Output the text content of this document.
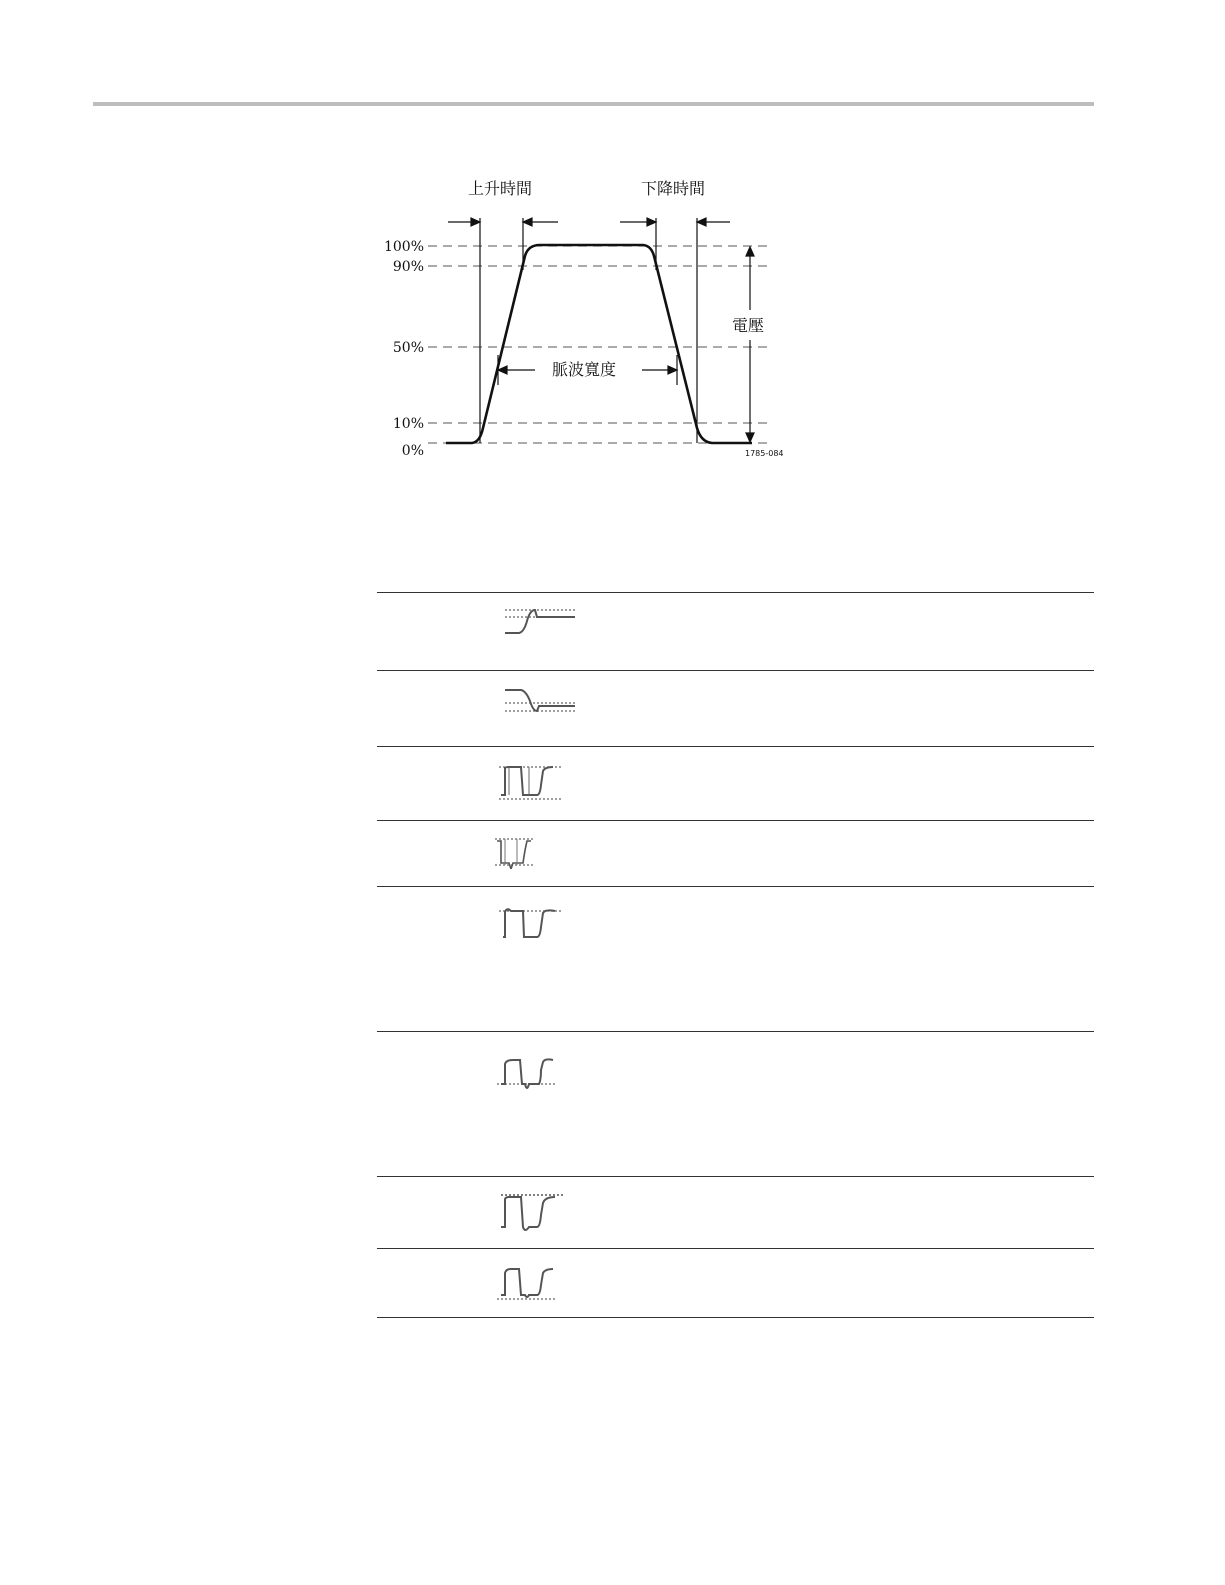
100%
90%
50%
10%
0%
上升時間	下降時間
電壓
脈波寬度
1785-084
